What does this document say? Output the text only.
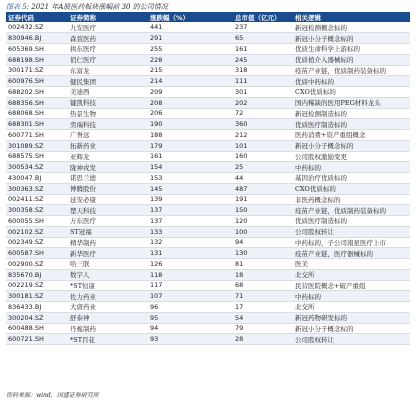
图表 5: 2021 年A股医药板块涨幅前 30 的公司情况
证券代码	证券简称	涨跌幅（%）	总市值（亿元）	相关逻辑
002432.SZ	九安医疗	441	237	新冠检测概念标的
830946.BJ	森萱医药	291	65	新冠小分子概念标的
605369.SH	拱东医疗	255	161	优质生命科学上游标的
688198.SH	佰仁医疗	228	245	优质植介入器械标的
300171.SZ	东富龙	215	318	疫苗产业链，优质制药装备标的
600976.SH	健民集团	214	111	优质中药标的
688202.SH	美迪西	209	301	CXO优质标的
688356.SH	键凯科技	208	202	国内稀缺的医用PEG材料龙头
688068.SH	热景生物	206	72	新冠检测制造标的
688301.SH	奕瑞科技	190	360	优质医疗制造标的
600771.SH	广誉远	188	212	医药消费+资产重组概念
301089.SZ	拓新药业	179	101	新冠小分子概念标的
688575.SH	亚辉龙	161	160	公司股权激励变更
300534.SZ	陇神戎发	154	25	中药标的
430047.BJ	诺思兰德	153	44	基因治疗优质标的
300363.SZ	博腾股份	145	487	CXO优质标的
002411.SZ	延安必康	139	191	非医药概念标的
300358.SZ	楚天科技	137	150	疫苗产业链，优质制药装备标的
600055.SH	万东医疗	137	120	优质医疗制造标的
002102.SZ	ST冠福	133	100	公司股权转让
002349.SZ	精华制药	132	94	中药标的，子公司南星医疗上市
600587.SH	新华医疗	131	130	疫苗产业链，医疗器械标的
002900.SZ	哈三联	126	81	医美
835670.BJ	数字人	118	18	北交所
002219.SZ	*ST恒康	117	68	民营医院概念+破产重组
300181.SZ	佐力药业	107	71	中药标的
836433.BJ	大唐药业	96	17	北交所
300204.SZ	舒泰神	95	54	新冠药物研发标的
600488.SH	丹栀制药	94	79	新冠小分子概念标的
600721.SH	*ST百花	93	28	公司股权转让
资料来源：wind，国盛证券研究所
